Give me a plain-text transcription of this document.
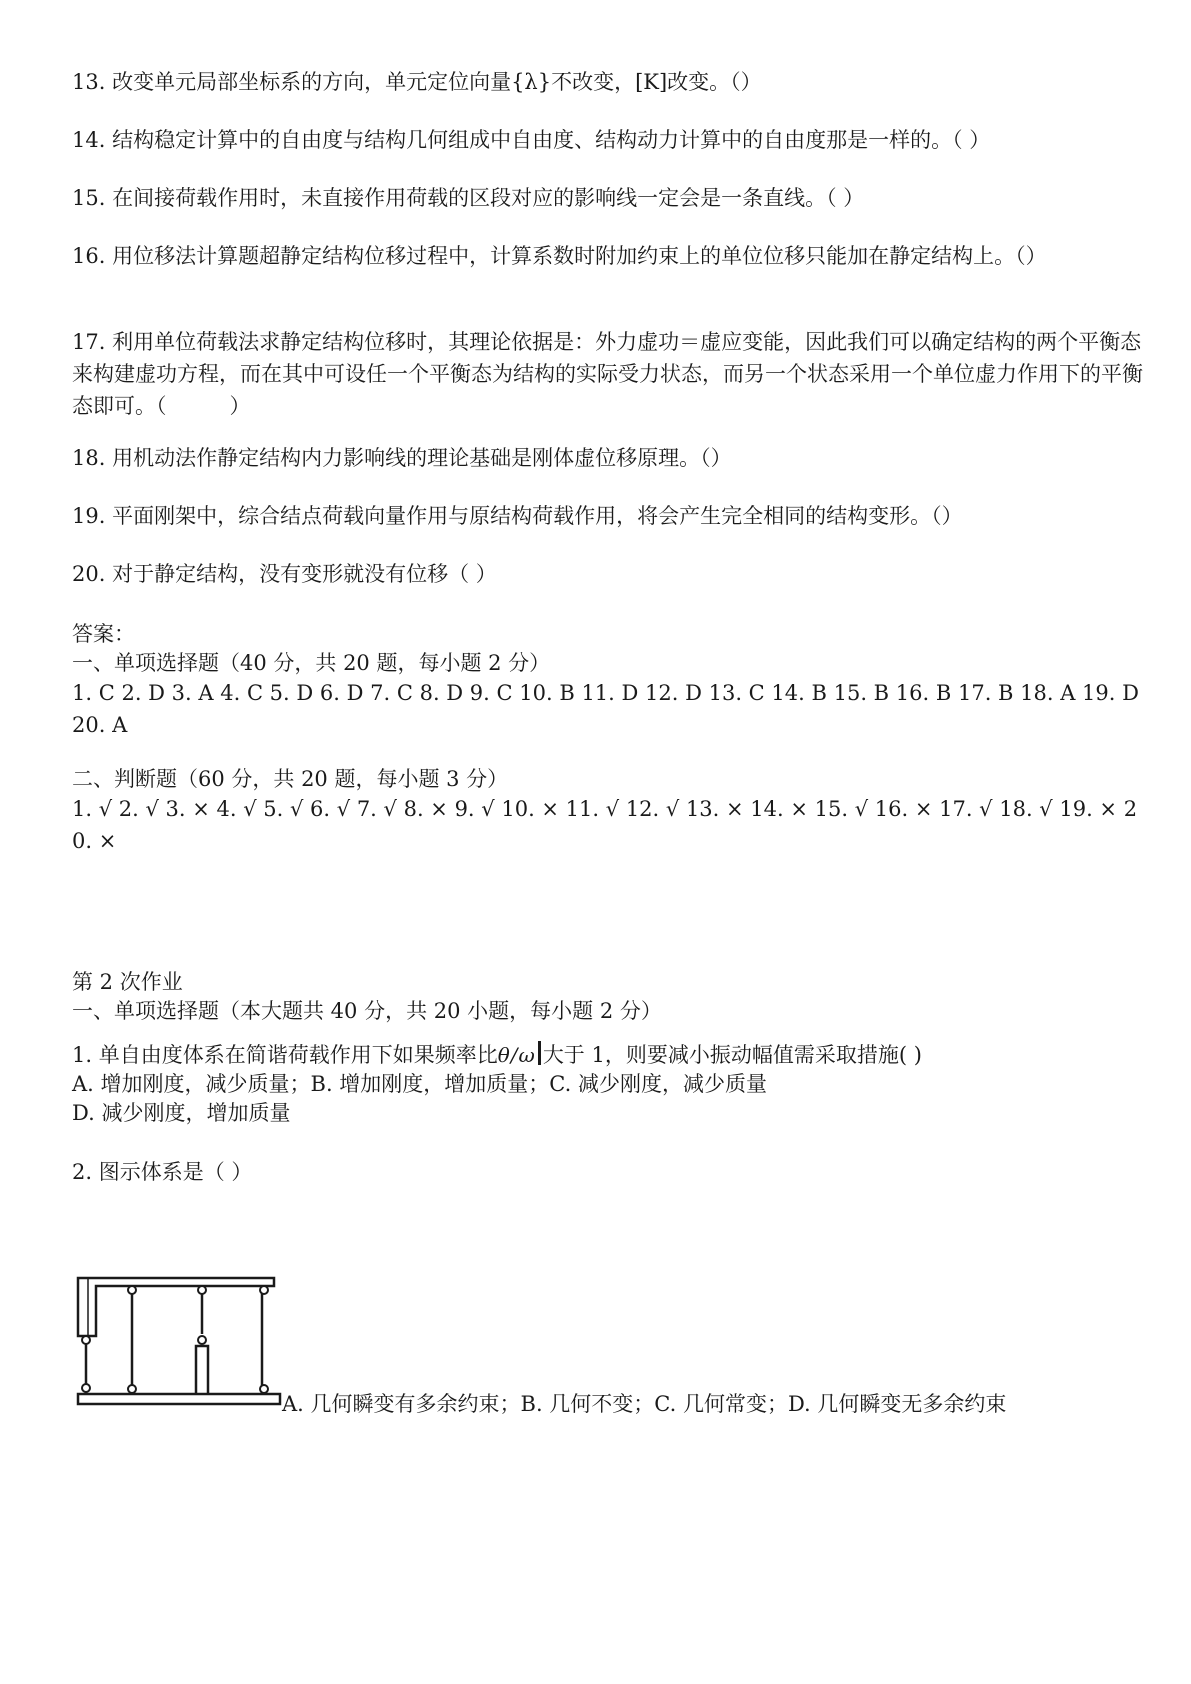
13. 改变单元局部坐标系的方向，单元定位向量{λ}不改变，[K]改变。（）
14. 结构稳定计算中的自由度与结构几何组成中自由度、结构动力计算中的自由度那是一样的。（ ）
15. 在间接荷载作用时，未直接作用荷载的区段对应的影响线一定会是一条直线。（ ）
16. 用位移法计算题超静定结构位移过程中，计算系数时附加约束上的单位位移只能加在静定结构上。（）
17. 利用单位荷载法求静定结构位移时，其理论依据是：外力虚功＝虚应变能，因此我们可以确定结构的两个平衡态来构建虚功方程，而在其中可设任一个平衡态为结构的实际受力状态，而另一个状态采用一个单位虚力作用下的平衡态即可。（　　　）
18. 用机动法作静定结构内力影响线的理论基础是刚体虚位移原理。（）
19. 平面刚架中，综合结点荷载向量作用与原结构荷载作用，将会产生完全相同的结构变形。（）
20. 对于静定结构，没有变形就没有位移（ ）
答案：
一、单项选择题（40 分，共 20 题，每小题 2 分）
1. C 2. D 3. A 4. C 5. D 6. D 7. C 8. D 9. C 10. B 11. D 12. D 13. C 14. B 15. B 16. B 17. B 18. A 19. D 20. A
二、判断题（60 分，共 20 题，每小题 3 分）
1. √ 2. √ 3. × 4. √ 5. √ 6. √ 7. √ 8. × 9. √ 10. × 11. √ 12. √ 13. × 14. × 15. √ 16. × 17. √ 18. √ 19. × 20. ×
第 2 次作业
一、单项选择题（本大题共 40 分，共 20 小题，每小题 2 分）
1. 单自由度体系在简谐荷载作用下如果频率比θ/ω 大于 1，则要减小振动幅值需采取措施( )
A. 增加刚度，减少质量；B. 增加刚度，增加质量；C. 减少刚度，减少质量
D. 减少刚度，增加质量
2. 图示体系是（ ）
A. 几何瞬变有多余约束；B. 几何不变；C. 几何常变；D. 几何瞬变无多余约束
